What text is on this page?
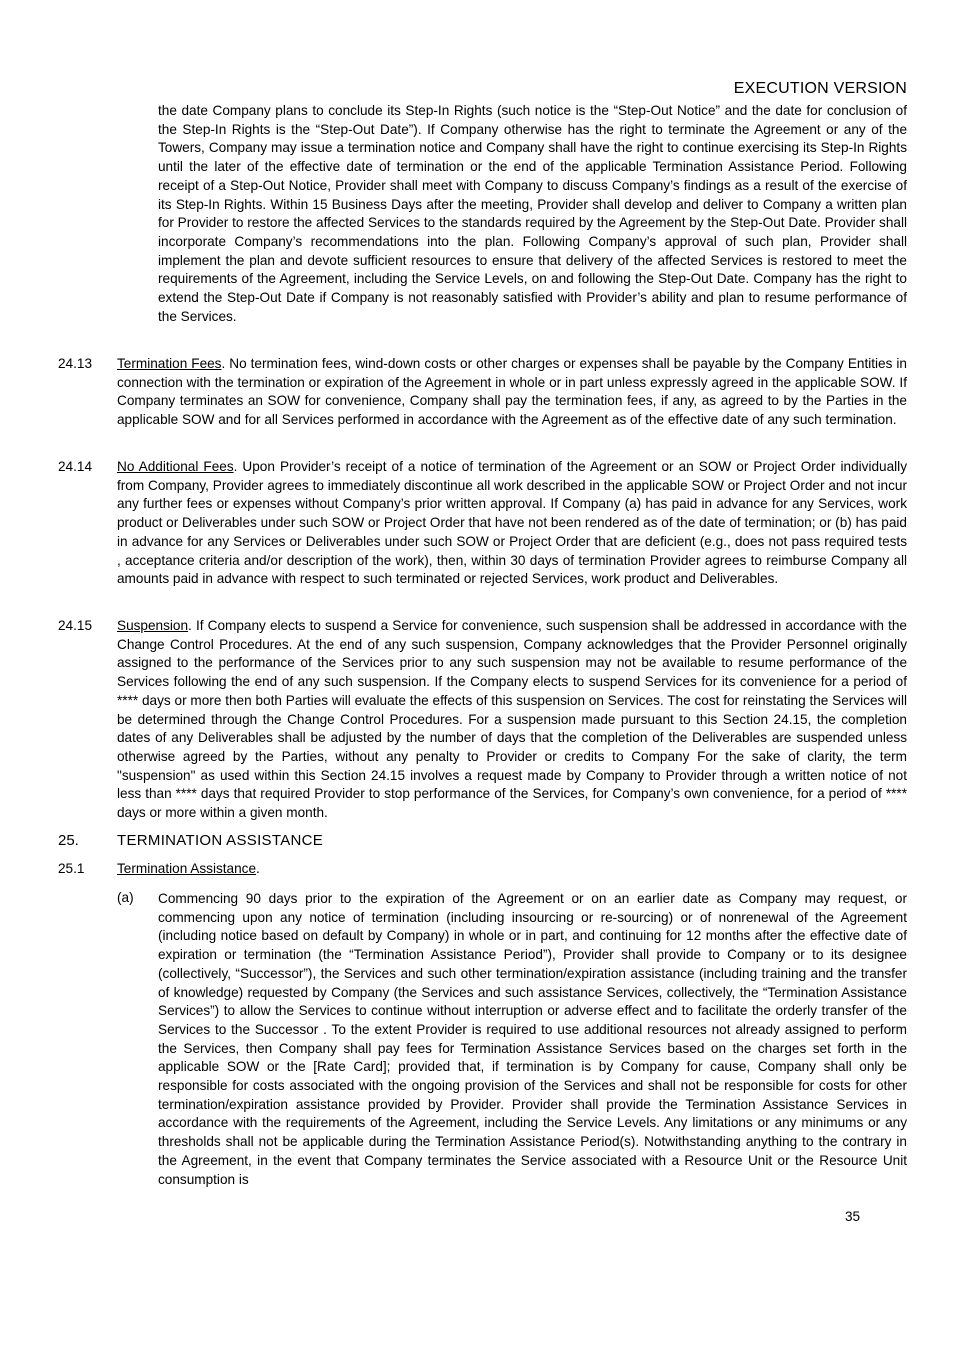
EXECUTION VERSION

the date Company plans to conclude its Step-In Rights (such notice is the “Step-Out Notice” and the date for conclusion of the Step-In Rights is the “Step-Out Date”). If Company otherwise has the right to terminate the Agreement or any of the Towers, Company may issue a termination notice and Company shall have the right to continue exercising its Step-In Rights until the later of the effective date of termination or the end of the applicable Termination Assistance Period. Following receipt of a Step-Out Notice, Provider shall meet with Company to discuss Company’s findings as a result of the exercise of its Step-In Rights. Within 15 Business Days after the meeting, Provider shall develop and deliver to Company a written plan for Provider to restore the affected Services to the standards required by the Agreement by the Step-Out Date. Provider shall incorporate Company’s recommendations into the plan. Following Company’s approval of such plan, Provider shall implement the plan and devote sufficient resources to ensure that delivery of the affected Services is restored to meet the requirements of the Agreement, including the Service Levels, on and following the Step-Out Date. Company has the right to extend the Step-Out Date if Company is not reasonably satisfied with Provider’s ability and plan to resume performance of the Services.

24.13 Termination Fees. No termination fees, wind-down costs or other charges or expenses shall be payable by the Company Entities in connection with the termination or expiration of the Agreement in whole or in part unless expressly agreed in the applicable SOW. If Company terminates an SOW for convenience, Company shall pay the termination fees, if any, as agreed to by the Parties in the applicable SOW and for all Services performed in accordance with the Agreement as of the effective date of any such termination.

24.14 No Additional Fees. Upon Provider’s receipt of a notice of termination of the Agreement or an SOW or Project Order individually from Company, Provider agrees to immediately discontinue all work described in the applicable SOW or Project Order and not incur any further fees or expenses without Company’s prior written approval. If Company (a) has paid in advance for any Services, work product or Deliverables under such SOW or Project Order that have not been rendered as of the date of termination; or (b) has paid in advance for any Services or Deliverables under such SOW or Project Order that are deficient (e.g., does not pass required tests , acceptance criteria and/or description of the work), then, within 30 days of termination Provider agrees to reimburse Company all amounts paid in advance with respect to such terminated or rejected Services, work product and Deliverables.

24.15 Suspension. If Company elects to suspend a Service for convenience, such suspension shall be addressed in accordance with the Change Control Procedures. At the end of any such suspension, Company acknowledges that the Provider Personnel originally assigned to the performance of the Services prior to any such suspension may not be available to resume performance of the Services following the end of any such suspension. If the Company elects to suspend Services for its convenience for a period of **** days or more then both Parties will evaluate the effects of this suspension on Services. The cost for reinstating the Services will be determined through the Change Control Procedures. For a suspension made pursuant to this Section 24.15, the completion dates of any Deliverables shall be adjusted by the number of days that the completion of the Deliverables are suspended unless otherwise agreed by the Parties, without any penalty to Provider or credits to Company For the sake of clarity, the term "suspension" as used within this Section 24.15 involves a request made by Company to Provider through a written notice of not less than **** days that required Provider to stop performance of the Services, for Company’s own convenience, for a period of **** days or more within a given month.

25.	TERMINATION ASSISTANCE
25.1 Termination Assistance.
(a) Commencing 90 days prior to the expiration of the Agreement or on an earlier date as Company may request, or commencing upon any notice of termination (including insourcing or re-sourcing) or of nonrenewal of the Agreement (including notice based on default by Company) in whole or in part, and continuing for 12 months after the effective date of expiration or termination (the “Termination Assistance Period”), Provider shall provide to Company or to its designee (collectively, “Successor”), the Services and such other termination/expiration assistance (including training and the transfer of knowledge) requested by Company (the Services and such assistance Services, collectively, the “Termination Assistance Services”) to allow the Services to continue without interruption or adverse effect and to facilitate the orderly transfer of the Services to the Successor . To the extent Provider is required to use additional resources not already assigned to perform the Services, then Company shall pay fees for Termination Assistance Services based on the charges set forth in the applicable SOW or the [Rate Card]; provided that, if termination is by Company for cause, Company shall only be responsible for costs associated with the ongoing provision of the Services and shall not be responsible for costs for other termination/expiration assistance provided by Provider. Provider shall provide the Termination Assistance Services in accordance with the requirements of the Agreement, including the Service Levels. Any limitations or any minimums or any thresholds shall not be applicable during the Termination Assistance Period(s). Notwithstanding anything to the contrary in the Agreement, in the event that Company terminates the Service associated with a Resource Unit or the Resource Unit consumption is

35
